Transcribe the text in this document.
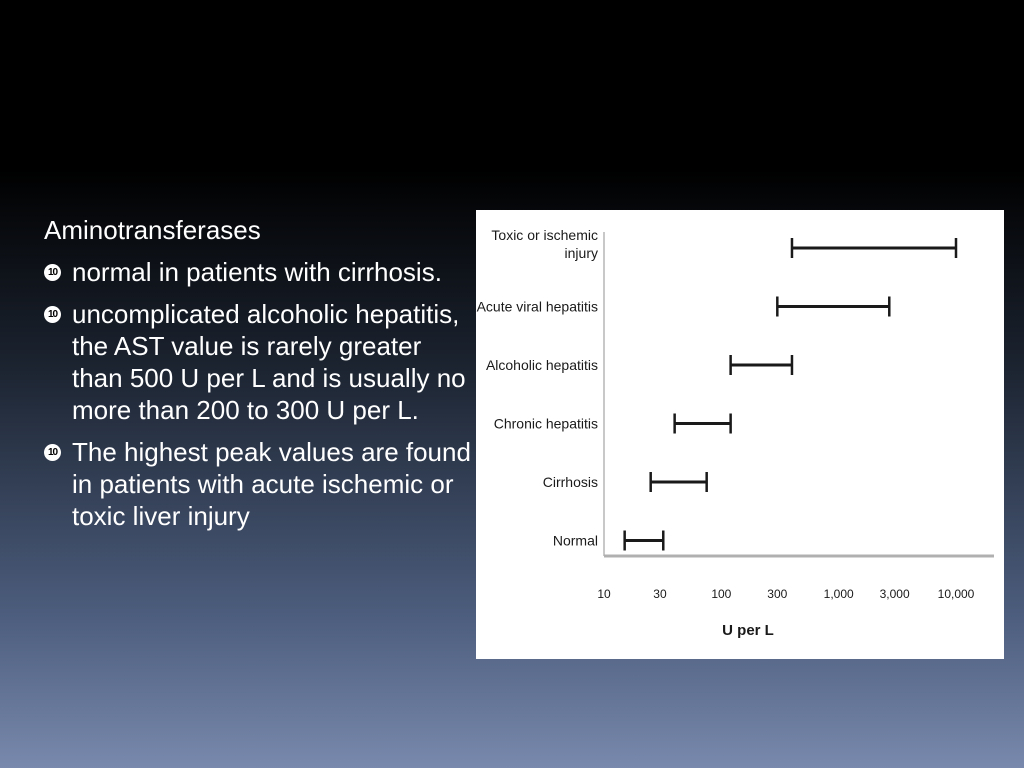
Aminotransferases
10 normal in patients with cirrhosis.
10 uncomplicated alcoholic hepatitis, the AST value is rarely greater than 500 U per L and is usually no more than 200 to 300 U per L.
10 The highest peak values are found in patients with acute ischemic or toxic liver injury
Toxic or ischemic
injury
Acute viral hepatitis
Alcoholic hepatitis
Chronic hepatitis
Cirrhosis
Normal
10	30	100	300	1,000 3,000 10,000
U per L
